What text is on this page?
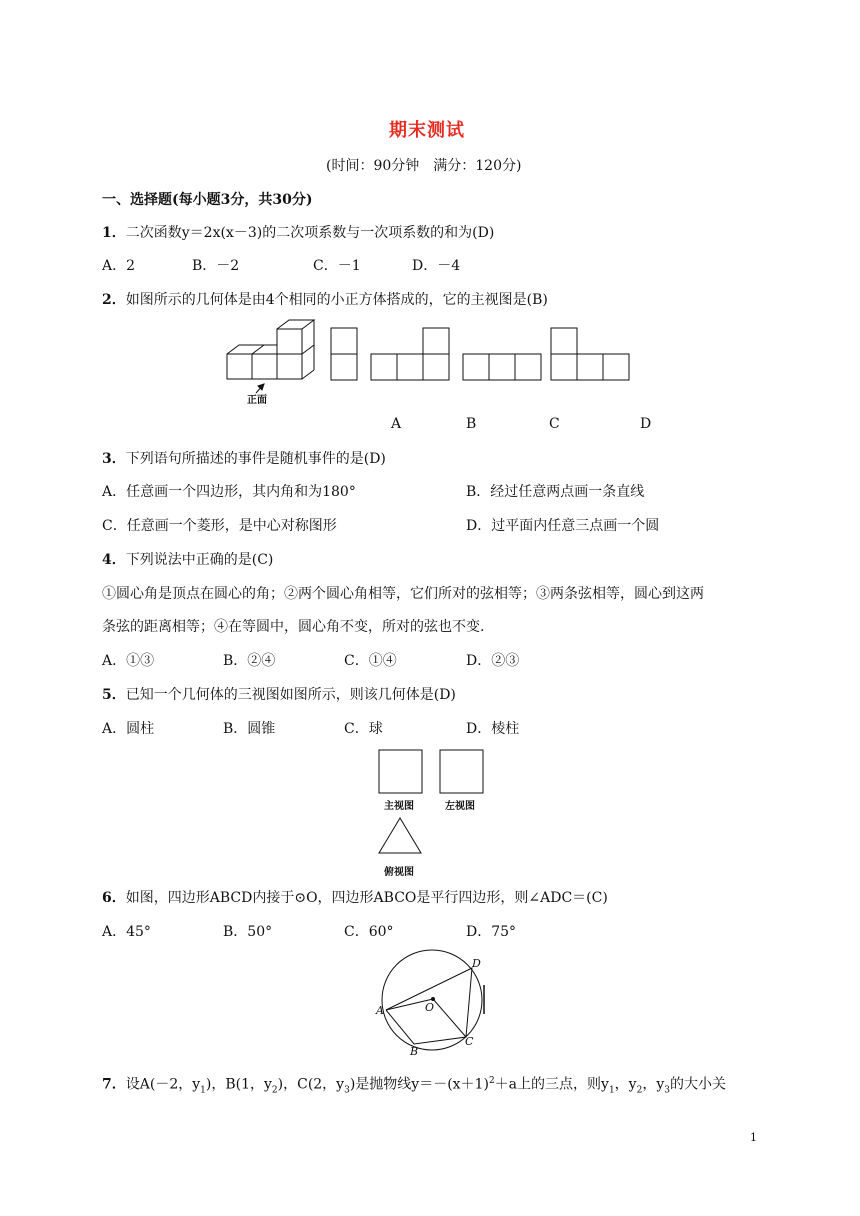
期末测试
(时间：90分钟　满分：120分)
一、选择题(每小题3分，共30分)
1．二次函数y＝2x(x－3)的二次项系数与一次项系数的和为(D)
A．2	B．－2	C．－1	D．－4
2．如图所示的几何体是由4个相同的小正方体搭成的，它的主视图是(B)
正面
A	B	C	D
3．下列语句所描述的事件是随机事件的是(D)
A．任意画一个四边形，其内角和为180°	B．经过任意两点画一条直线
C．任意画一个菱形，是中心对称图形	D．过平面内任意三点画一个圆
4．下列说法中正确的是(C)
①圆心角是顶点在圆心的角；②两个圆心角相等，它们所对的弦相等；③两条弦相等，圆心到这两
条弦的距离相等；④在等圆中，圆心角不变，所对的弦也不变.
A．①③	B．②④	C．①④	D．②③
5．已知一个几何体的三视图如图所示，则该几何体是(D)
A．圆柱	B．圆锥	C．球	D．棱柱
主视图	左视图
俯视图
6．如图，四边形ABCD内接于⊙O，四边形ABCO是平行四边形，则∠ADC＝(C)
A．45°	B．50°	C．60°	D．75°
A
B
C
D
O
7．设A(－2，$y_1$)，B(1，$y_2$)，C(2，$y_3$)是抛物线$y=-(x+1)^2+a$上的三点，则$y_1$，$y_2$，$y_3$的大小关
1
